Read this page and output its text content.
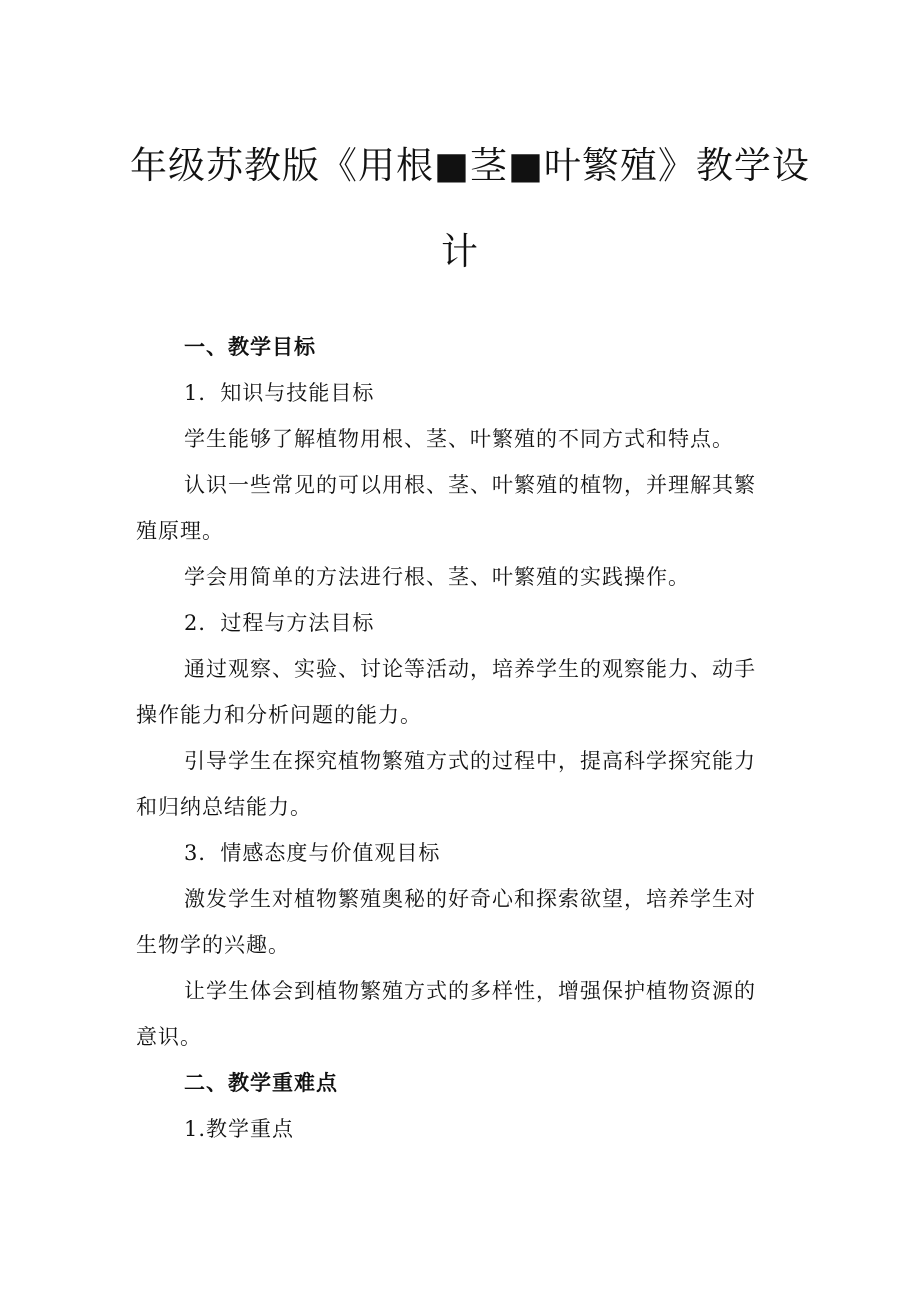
年级苏教版《用根■茎■叶繁殖》教学设
计
一、教学目标
1．知识与技能目标
学生能够了解植物用根、茎、叶繁殖的不同方式和特点。
认识一些常见的可以用根、茎、叶繁殖的植物，并理解其繁
殖原理。
学会用简单的方法进行根、茎、叶繁殖的实践操作。
2．过程与方法目标
通过观察、实验、讨论等活动，培养学生的观察能力、动手
操作能力和分析问题的能力。
引导学生在探究植物繁殖方式的过程中，提高科学探究能力
和归纳总结能力。
3．情感态度与价值观目标
激发学生对植物繁殖奥秘的好奇心和探索欲望，培养学生对
生物学的兴趣。
让学生体会到植物繁殖方式的多样性，增强保护植物资源的
意识。
二、教学重难点
1.教学重点
